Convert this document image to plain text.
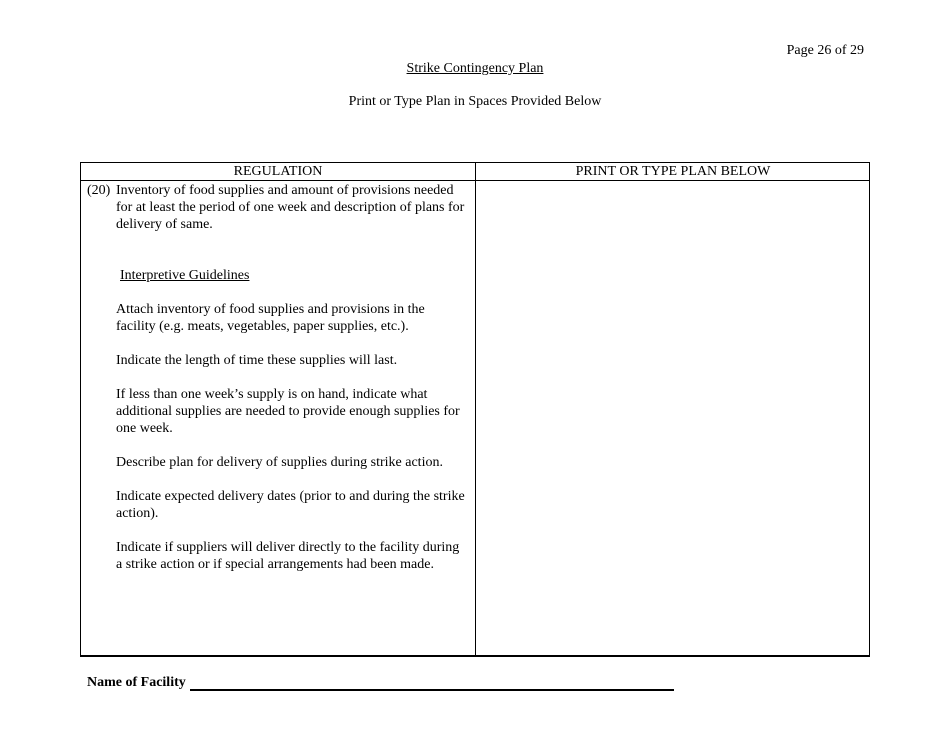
Page 26 of 29
Strike Contingency Plan
Print or Type Plan in Spaces Provided Below
REGULATION	PRINT OR TYPE PLAN BELOW
(20) Inventory of food supplies and amount of provisions needed for at least the period of one week and description of plans for delivery of same.
Interpretive Guidelines
Attach inventory of food supplies and provisions in the facility (e.g. meats, vegetables, paper supplies, etc.).
Indicate the length of time these supplies will last.
If less than one week’s supply is on hand, indicate what additional supplies are needed to provide enough supplies for one week.
Describe plan for delivery of supplies during strike action.
Indicate expected delivery dates (prior to and during the strike action).
Indicate if suppliers will deliver directly to the facility during a strike action or if special arrangements had been made.
Name of Facility
